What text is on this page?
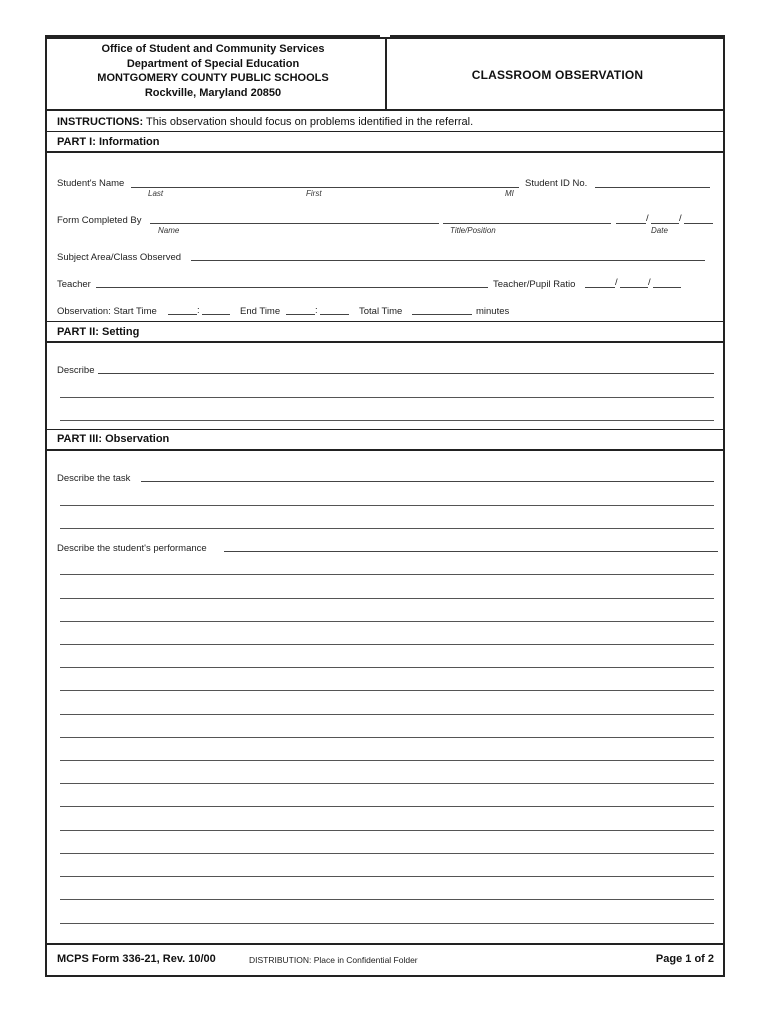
Office of Student and Community Services
Department of Special Education
MONTGOMERY COUNTY PUBLIC SCHOOLS
Rockville, Maryland 20850
CLASSROOM OBSERVATION
INSTRUCTIONS: This observation should focus on problems identified in the referral.
PART I: Information
Student's Name
Last	First	MI
Student ID No.
Form Completed By
Name	Title/Position
/	/
Date
Subject Area/Class Observed
Teacher	Teacher/Pupil Ratio	/	/
Observation: Start Time	:	End Time	:	Total Time	minutes
PART II: Setting
Describe
PART III: Observation
Describe the task
Describe the student's performance
MCPS Form 336-21, Rev. 10/00	DISTRIBUTION: Place in Confidential Folder	Page 1 of 2
